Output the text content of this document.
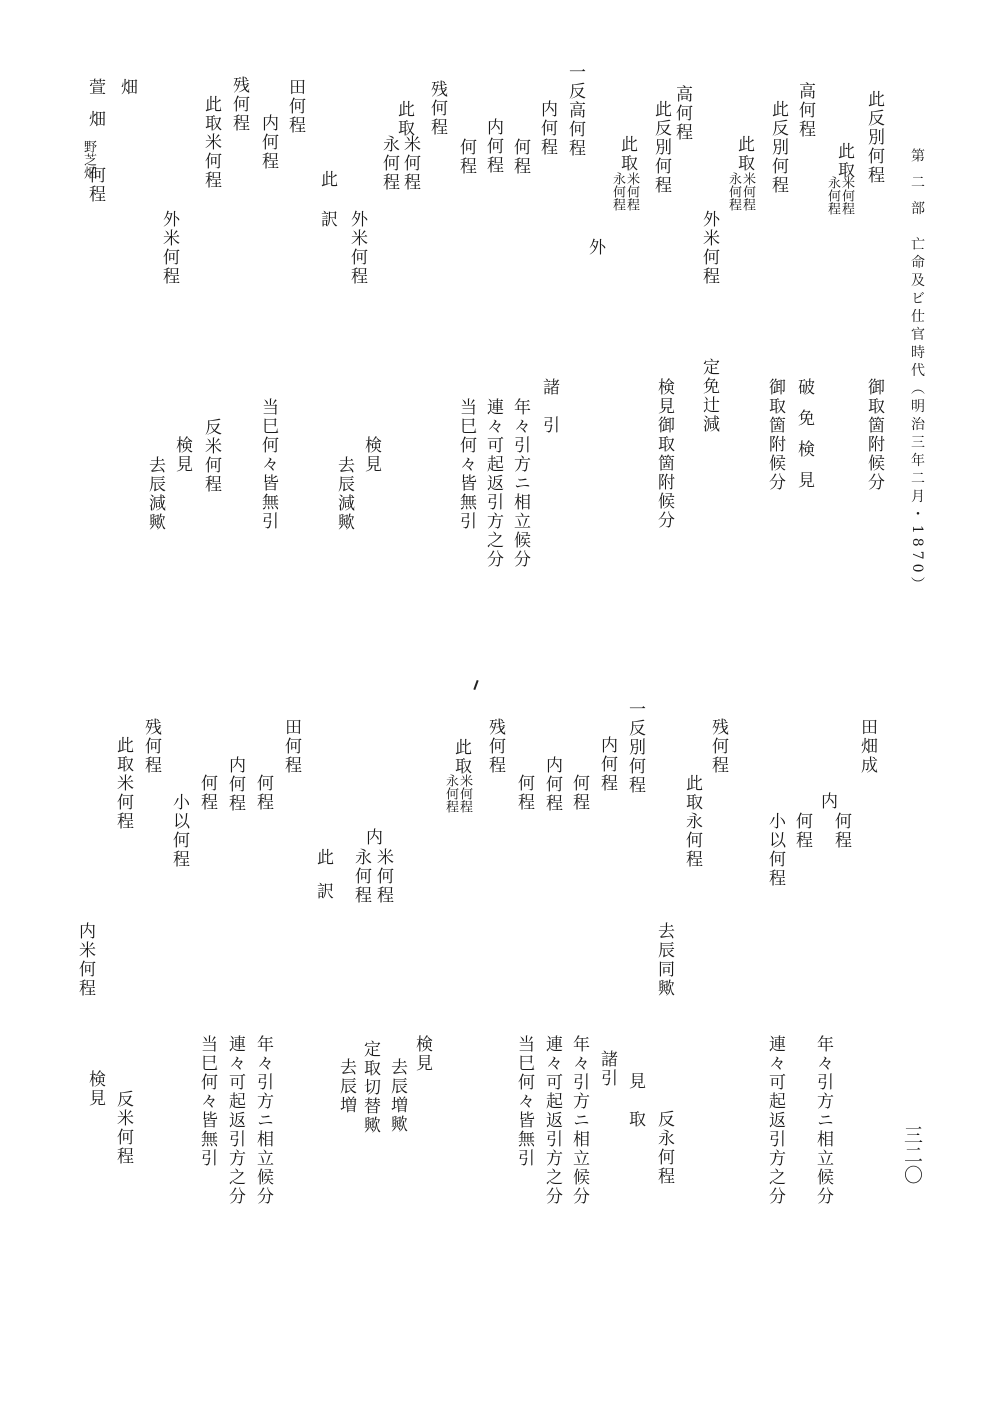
第 二 部　亡命及ビ仕官時代（明治三年二月・1870）
三二〇
此反別何程
此取
米何程
永何程
高何程
此反別何程
此取
米何程
永何程
外米何程
高何程
此反別何程
此取
米何程
永何程
外
一反高何程
内何程
何程
内何程
何程
残何程
此取
米何程
永何程
外米何程
此
訳
田何程
内何程
残何程
此取米何程
外米何程
萱 畑
畑
野芝畑
何程
御取箇附候分
破免検見
御取箇附候分
定免辻減
検見御取箇附候分
諸
引
年々引方ニ相立候分
連々可起返引方之分
当巳何々皆無引
検見
去辰減歟
当巳何々皆無引
反米何程
検見
去辰減歟
田畑成
内
何程
何程
小以何程
残何程
此取永何程
一反別何程
内何程
何程
内何程
何程
残何程
此取
米何程
永何程
内
米何程
永何程
此
訳
田何程
内何程 何程
何程
小以何程
残何程
此取米何程
内米何程
年々引方ニ相立候分
連々可起返引方之分
去辰同歟
反永何程
見
取
諸引
年々引方ニ相立候分
連々可起返引方之分
当巳何々皆無引
検見
去辰増歟
定取切替歟
去辰増
年々引方ニ相立候分
連々可起返引方之分
当巳何々皆無引
反米何程
検見
